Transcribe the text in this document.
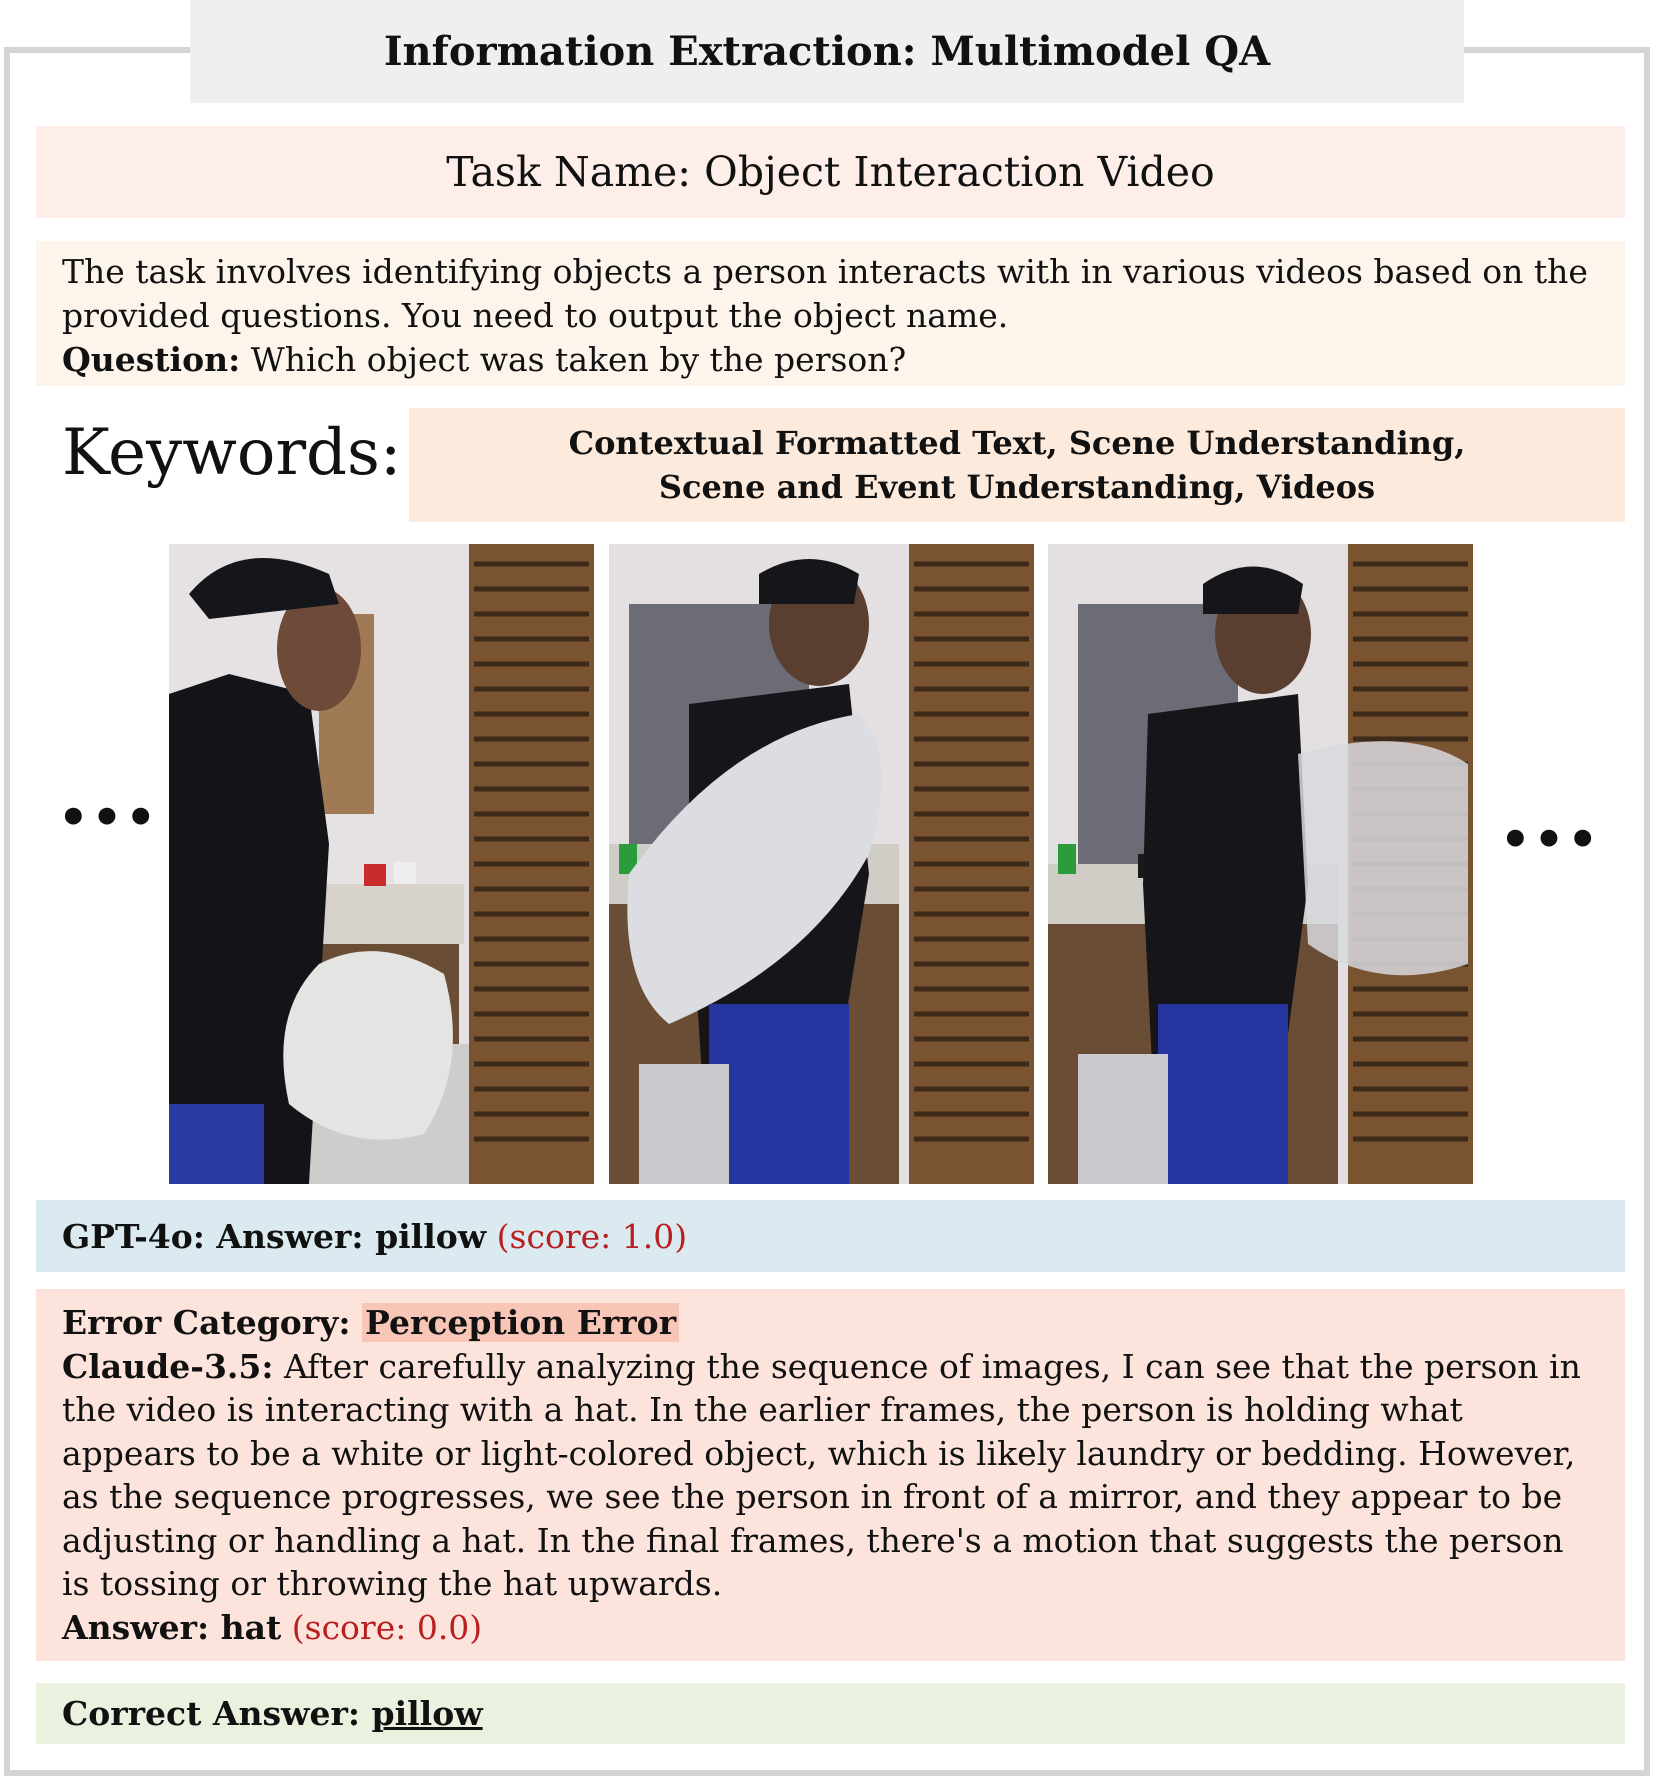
Information Extraction: Multimodel QA
Task Name: Object Interaction Video
The task involves identifying objects a person interacts with in various videos based on the
provided questions. You need to output the object name.
Question: Which object was taken by the person?
Keywords:	Contextual Formatted Text, Scene Understanding,
Scene and Event Understanding, Videos
•••	•••
GPT-4o: Answer: pillow (score: 1.0)
Error Category: Perception Error
Claude-3.5: After carefully analyzing the sequence of images, I can see that the person in the video is interacting with a hat. In the earlier frames, the person is holding what appears to be a white or light-colored object, which is likely laundry or bedding. However, as the sequence progresses, we see the person in front of a mirror, and they appear to be adjusting or handling a hat. In the final frames, there's a motion that suggests the person is tossing or throwing the hat upwards.
Answer: hat (score: 0.0)
Correct Answer: pillow
